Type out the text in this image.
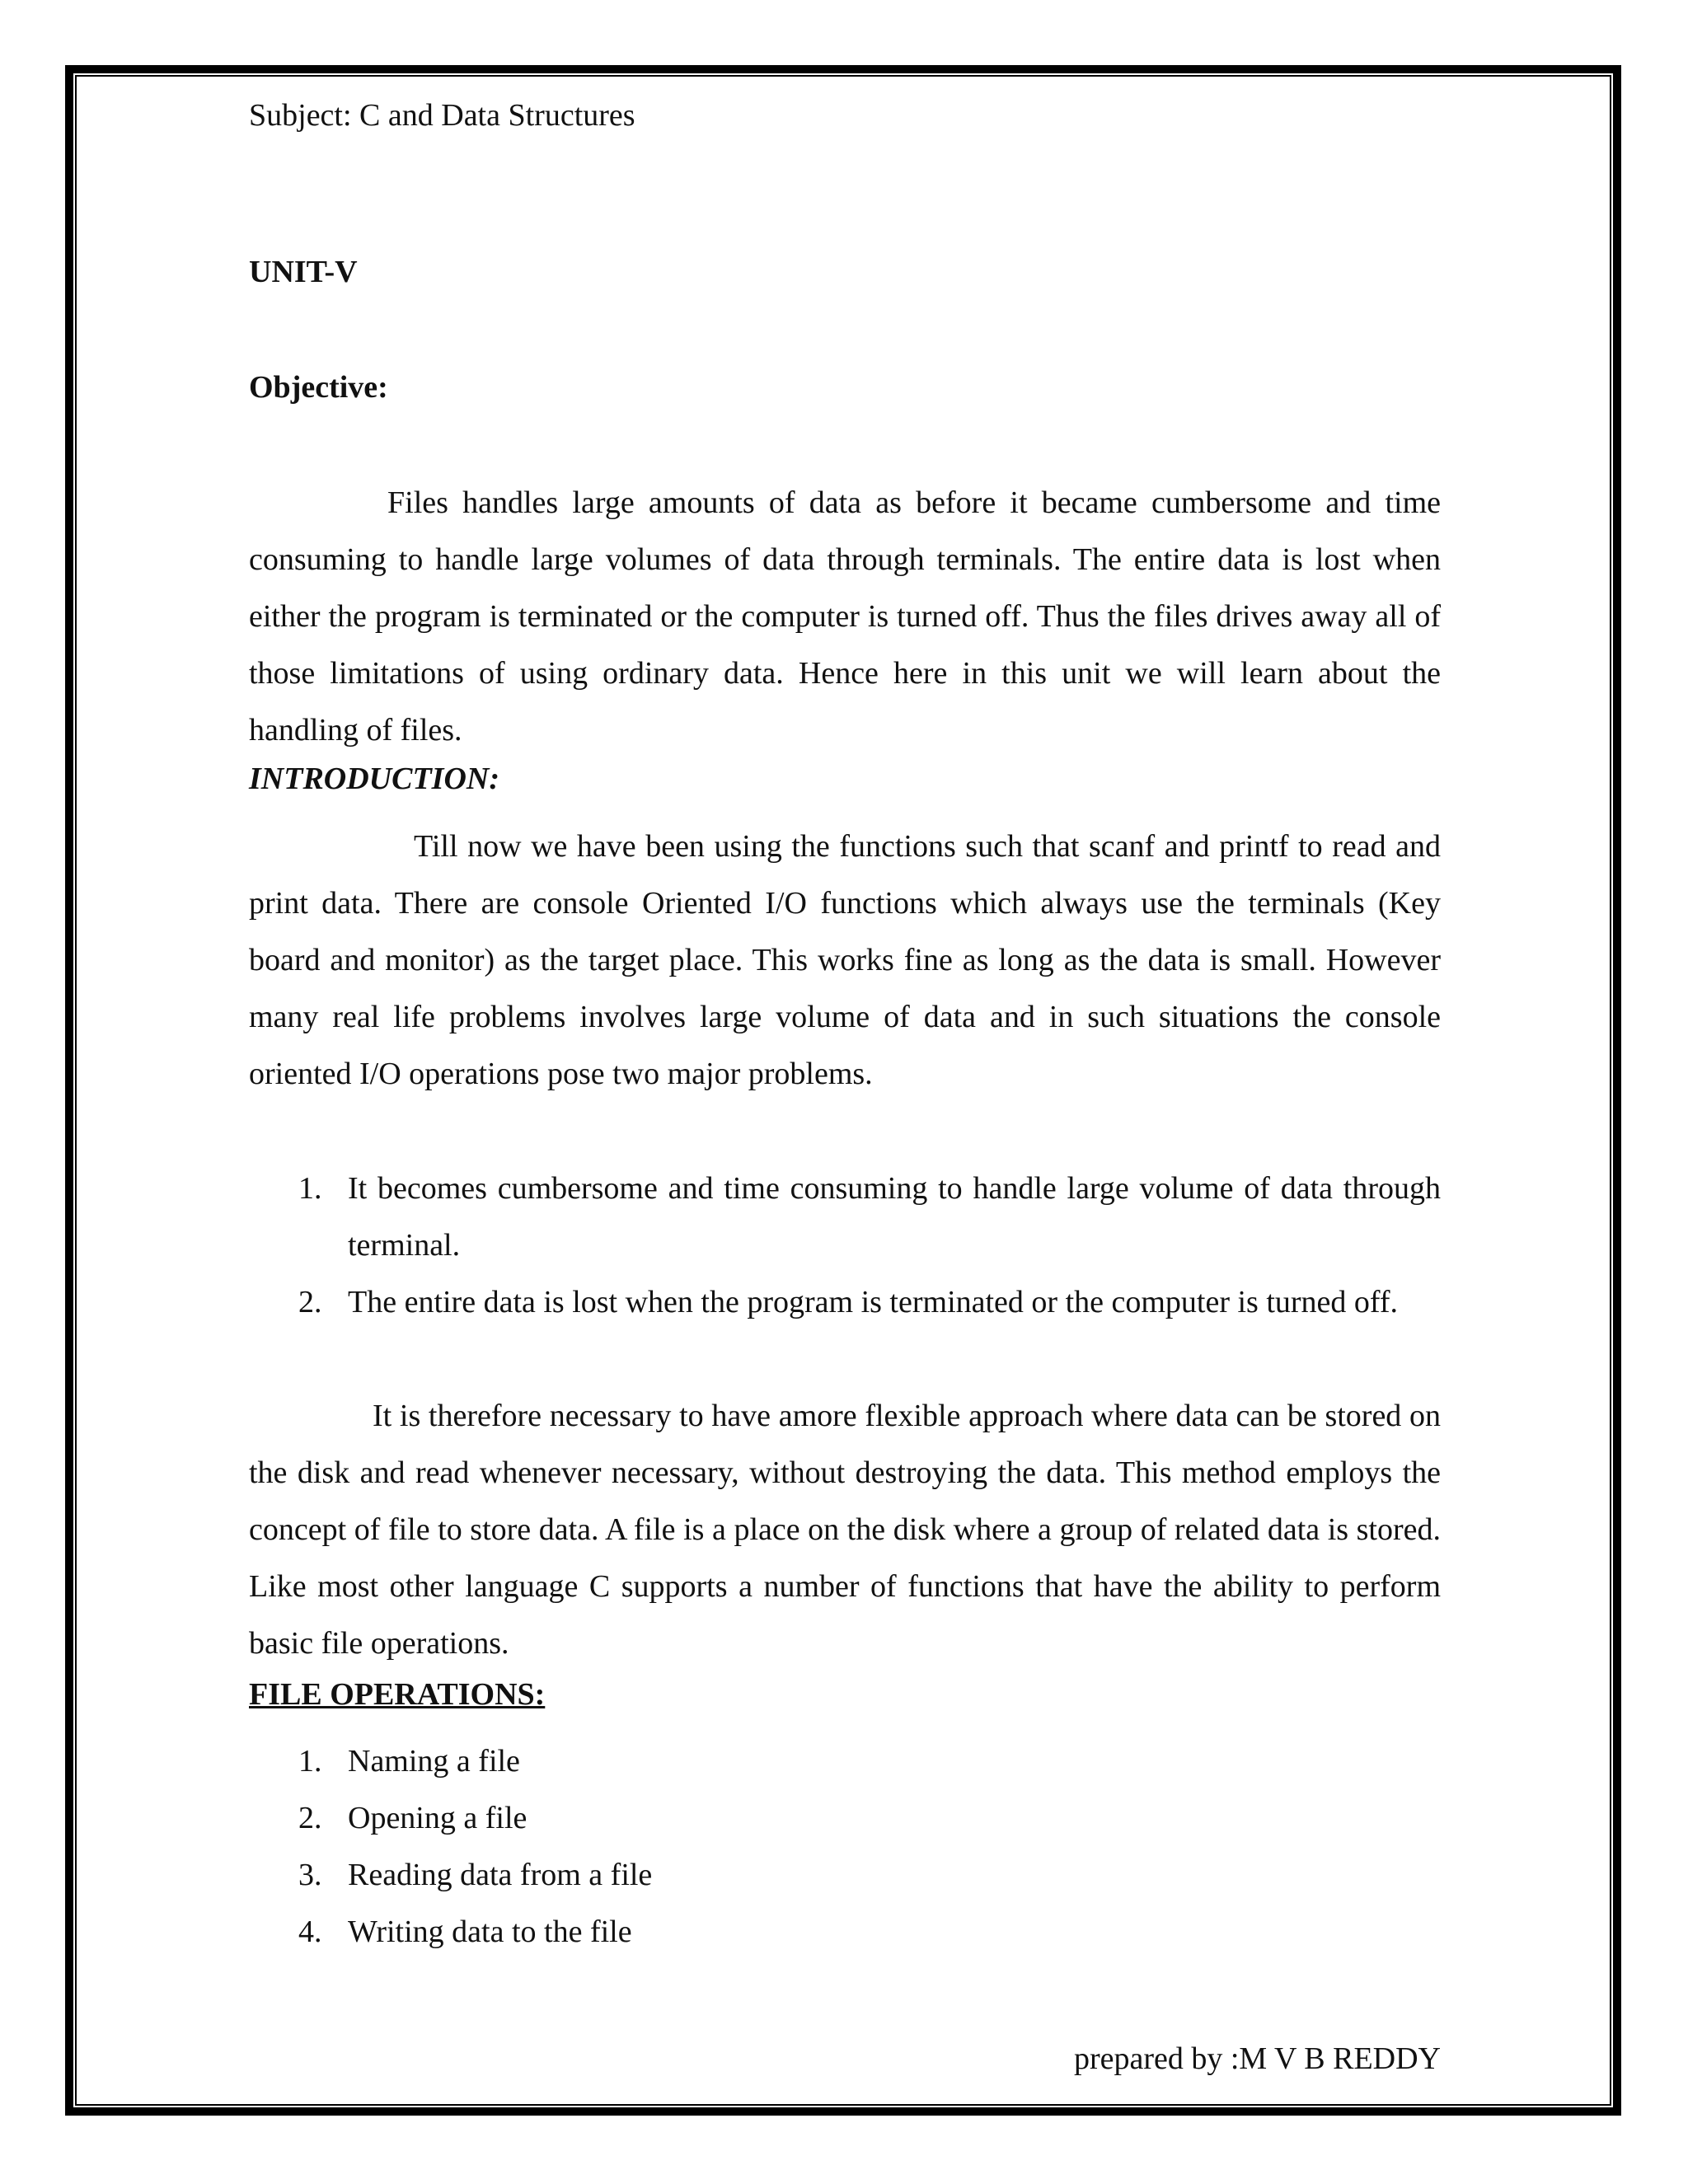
Subject: C and Data Structures

UNIT-V

Objective:

Files handles large amounts of data as before it became cumbersome and time consuming to handle large volumes of data through terminals. The entire data is lost when either the program is terminated or the computer is turned off. Thus the files drives away all of those limitations of using ordinary data. Hence here in this unit we will learn about the handling of files.

INTRODUCTION:

Till now we have been using the functions such that scanf and printf to read and print data. There are console Oriented I/O functions which always use the terminals (Key board and monitor) as the target place. This works fine as long as the data is small. However many real life problems involves large volume of data and in such situations the console oriented I/O operations pose two major problems.

1. It becomes cumbersome and time consuming to handle large volume of data through terminal.
2. The entire data is lost when the program is terminated or the computer is turned off.

It is therefore necessary to have amore flexible approach where data can be stored on the disk and read whenever necessary, without destroying the data. This method employs the concept of file to store data. A file is a place on the disk where a group of related data is stored. Like most other language C supports a number of functions that have the ability to perform basic file operations.

FILE OPERATIONS:

1. Naming a file
2. Opening a file
3. Reading data from a file
4. Writing data to the file

prepared by :M V B REDDY
